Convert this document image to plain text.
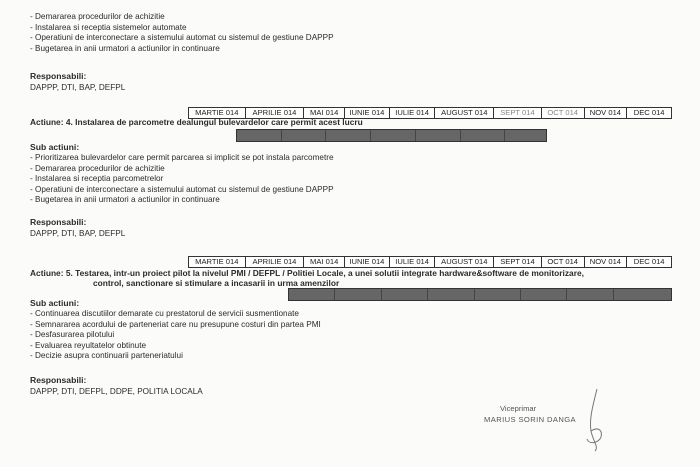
- Demararea procedurilor de achizitie
- Instalarea si receptia sistemelor automate
- Operatiuni de interconectare a sistemului automat cu sistemul de gestiune DAPPP
- Bugetarea in anii urmatori a actiunilor in continuare
Responsabili:
DAPPP, DTI, BAP, DEFPL
MARTIE 014	APRILIE 014	MAI 014	IUNIE 014	IULIE 014	AUGUST 014	SEPT 014	OCT 014	NOV 014	DEC 014
Actiune: 4. Instalarea de parcometre dealungul bulevardelor care permit acest lucru
Sub actiuni:
- Prioritizarea bulevardelor care permit parcarea si implicit se pot instala parcometre
- Demararea procedurilor de achizitie
- Instalarea si receptia parcometrelor
- Operatiuni de interconectare a sistemului automat cu sistemul de gestiune DAPPP
- Bugetarea in anii urmatori a actiunilor in continuare
Responsabili:
DAPPP, DTI, BAP, DEFPL
MARTIE 014	APRILIE 014	MAI 014	IUNIE 014	IULIE 014	AUGUST 014	SEPT 014	OCT 014	NOV 014	DEC 014
Actiune: 5. Testarea, intr-un proiect pilot la nivelul PMI / DEFPL / Politiei Locale, a unei solutii integrate hardware&software de monitorizare,
control, sanctionare si stimulare a incasarii in urma amenzilor
Sub actiuni:
- Continuarea discutiilor demarate cu prestatorul de servicii susmentionate
- Semnararea acordului de parteneriat care nu presupune costuri din partea PMI
- Desfasurarea pilotului
- Evaluarea reyultatelor obtinute
- Decizie asupra continuarii parteneriatului
Responsabili:
DAPPP, DTI, DEFPL, DDPE, POLITIA LOCALA
Viceprimar
MARIUS SORIN DANGA
